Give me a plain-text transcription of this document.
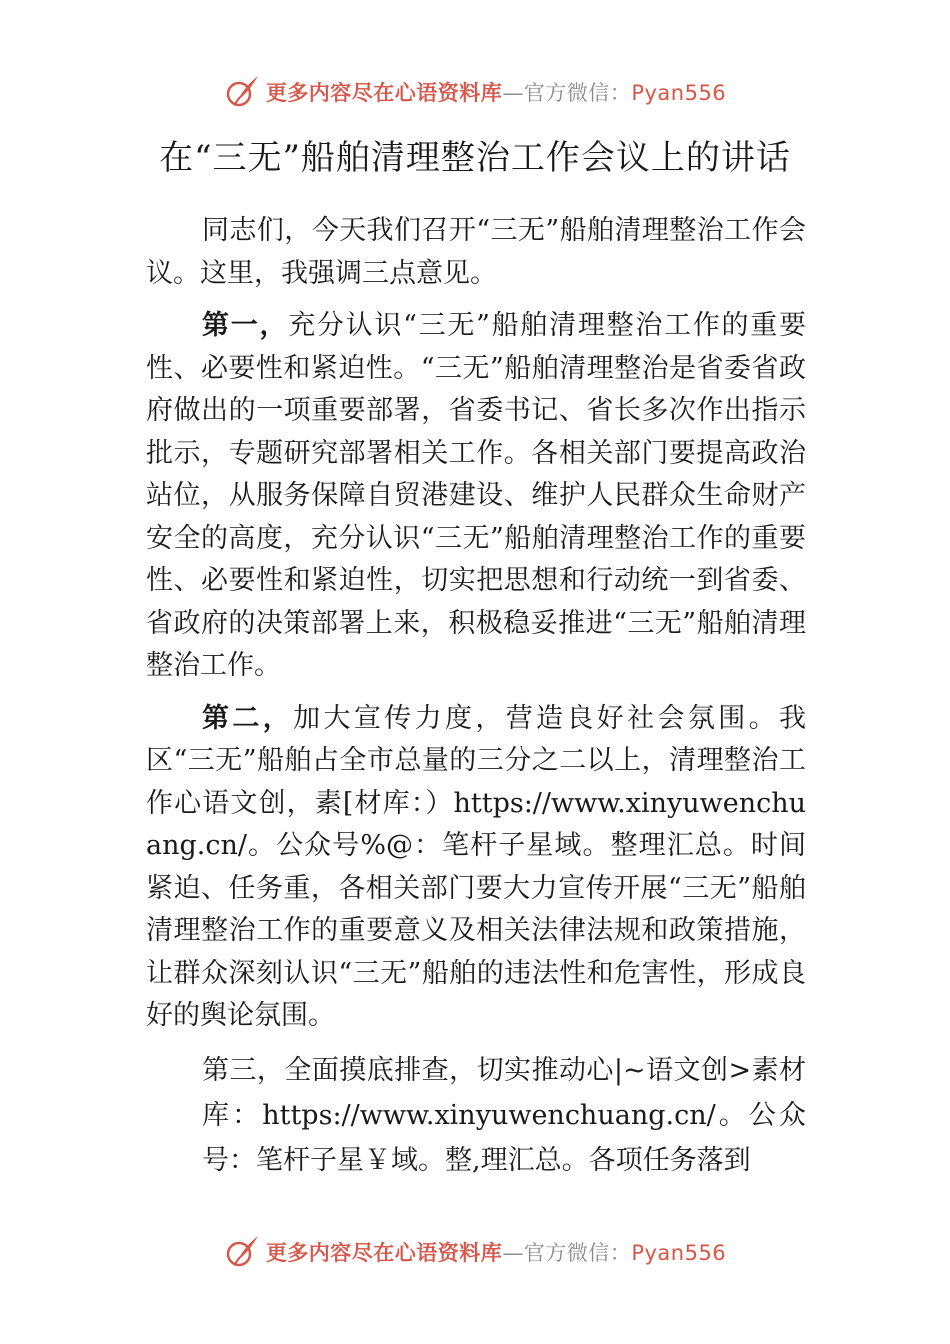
更多内容尽在心语资料库—官方微信：Pyan556
在“三无”船舶清理整治工作会议上的讲话

同志们，今天我们召开“三无”船舶清理整治工作会议。这里，我强调三点意见。

第一，充分认识“三无”船舶清理整治工作的重要性、必要性和紧迫性。“三无”船舶清理整治是省委省政府做出的一项重要部署，省委书记、省长多次作出指示批示，专题研究部署相关工作。各相关部门要提高政治站位，从服务保障自贸港建设、维护人民群众生命财产安全的高度，充分认识“三无”船舶清理整治工作的重要性、必要性和紧迫性，切实把思想和行动统一到省委、省政府的决策部署上来，积极稳妥推进“三无”船舶清理整治工作。

第二，加大宣传力度，营造良好社会氛围。我区“三无”船舶占全市总量的三分之二以上，清理整治工作心语文创，素[材库：）https://www.xinyuwenchuang.cn/。公众号%@：笔杆子星域。整理汇总。时间紧迫、任务重，各相关部门要大力宣传开展“三无”船舶清理整治工作的重要意义及相关法律法规和政策措施，让群众深刻认识“三无”船舶的违法性和危害性，形成良好的舆论氛围。

第三，全面摸底排查，切实推动心|~语文创>素材库：https://www.xinyuwenchuang.cn/。公众号：笔杆子星￥域。整,理汇总。各项任务落到

更多内容尽在心语资料库—官方微信：Pyan556
